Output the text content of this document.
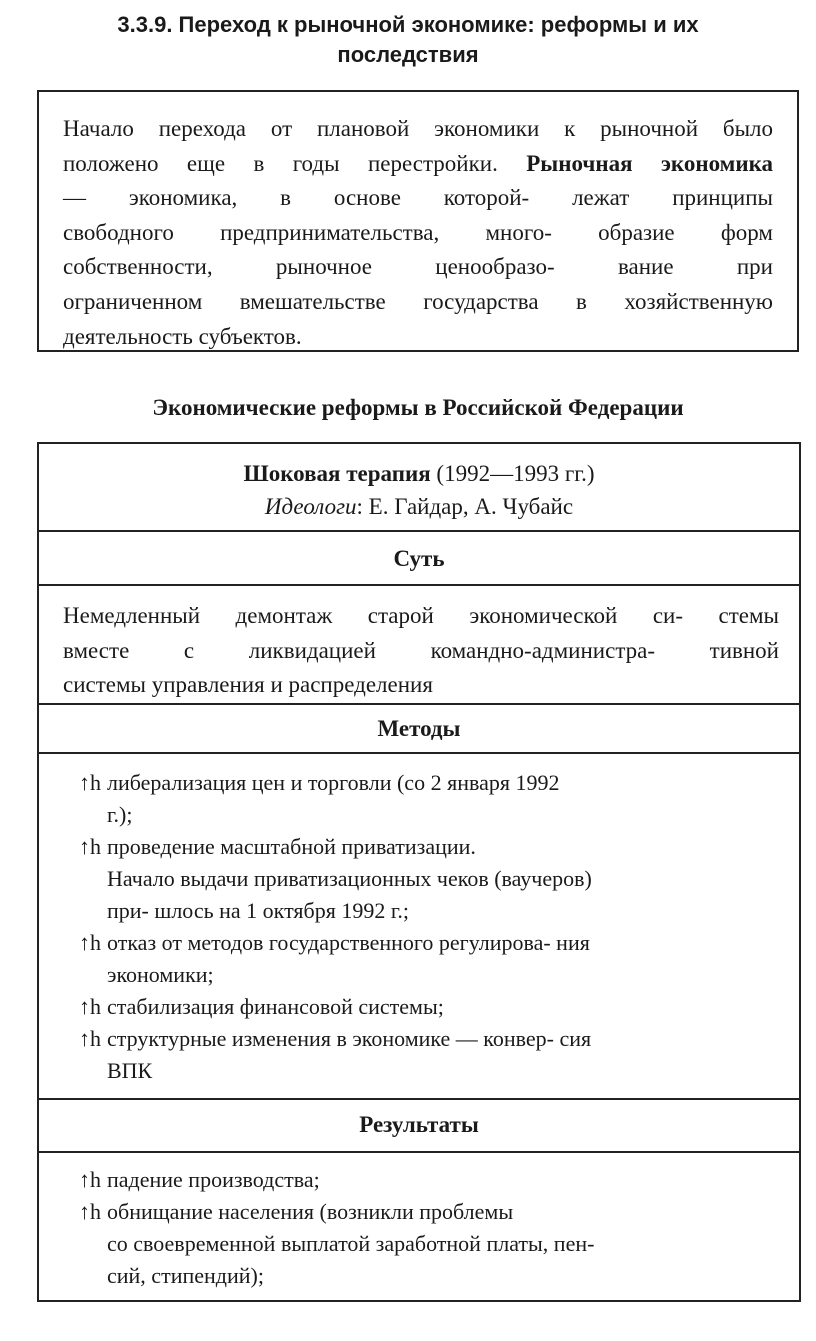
3.3.9. Переход к рыночной экономике: реформы и их
последствия
Начало перехода от плановой экономики к рыночной было
положено еще в годы перестройки. Рыночная экономика
— экономика, в основе которой- лежат принципы
свободного предпринимательства, много- образие форм
собственности, рыночное ценообразо- вание при
ограниченном вмешательстве государства в хозяйственную
деятельность субъектов.
Экономические реформы в Российской Федерации
Шоковая терапия (1992—1993 гг.)
Идеологи: Е. Гайдар, А. Чубайс
Суть
Немедленный демонтаж старой экономической си- стемы
вместе с ликвидацией командно-администра- тивной
системы управления и распределения
Методы
↑h либерализация цен и торговли (со 2 января 1992
г.);
↑h проведение масштабной приватизации.
Начало выдачи приватизационных чеков (ваучеров)
при- шлось на 1 октября 1992 г.;
↑h отказ от методов государственного регулирова- ния
экономики;
↑h стабилизация финансовой системы;
↑h структурные изменения в экономике — конвер- сия
ВПК
Результаты
↑h падение производства;
↑h обнищание населения (возникли проблемы
со своевременной выплатой заработной платы, пен-
сий, стипендий);
